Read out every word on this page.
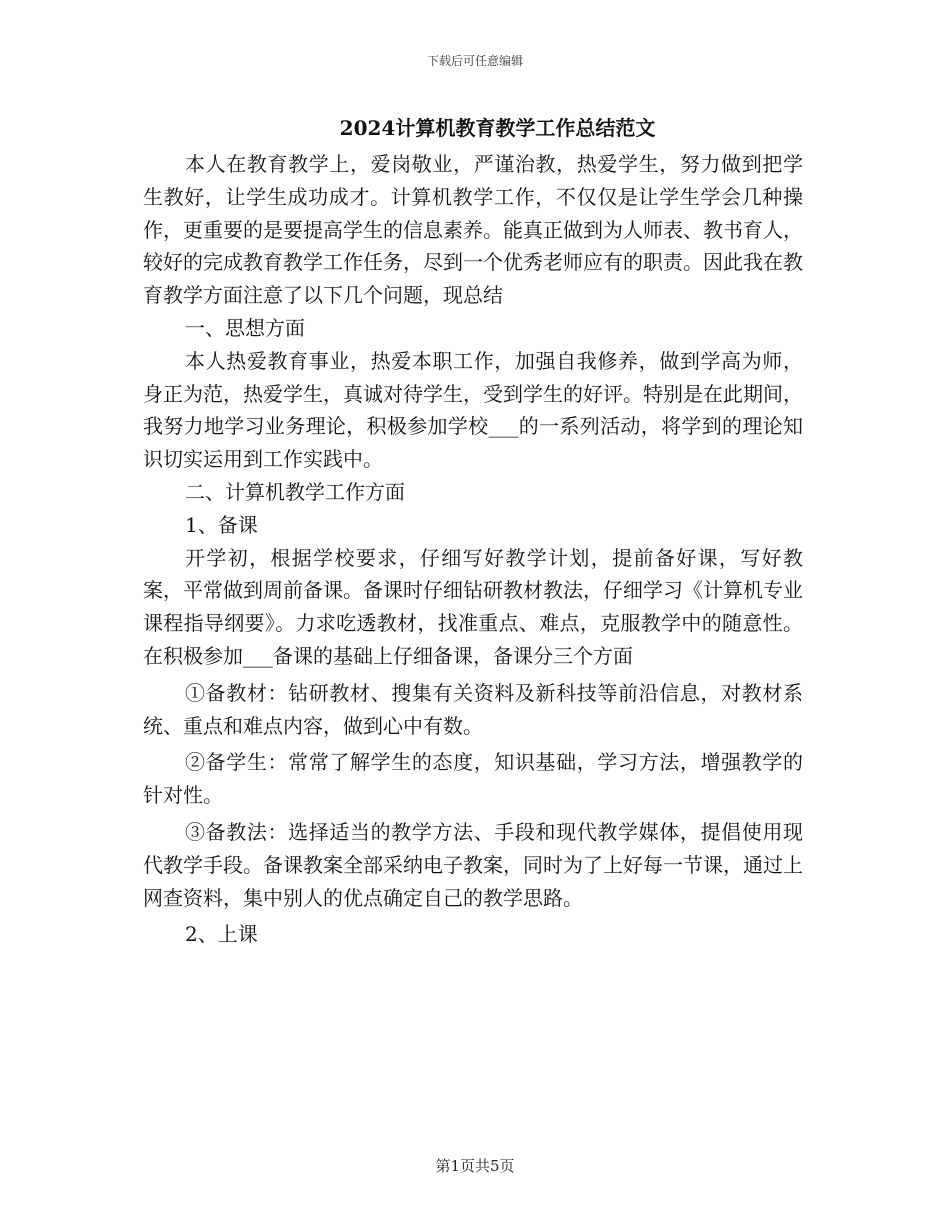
下载后可任意编辑
2024计算机教育教学工作总结范文

本人在教育教学上，爱岗敬业，严谨治教，热爱学生，努力做到把学生教好，让学生成功成才。计算机教学工作，不仅仅是让学生学会几种操作，更重要的是要提高学生的信息素养。能真正做到为人师表、教书育人，较好的完成教育教学工作任务，尽到一个优秀老师应有的职责。因此我在教育教学方面注意了以下几个问题，现总结

一、思想方面

本人热爱教育事业，热爱本职工作，加强自我修养，做到学高为师，身正为范，热爱学生，真诚对待学生，受到学生的好评。特别是在此期间，我努力地学习业务理论，积极参加学校___的一系列活动，将学到的理论知识切实运用到工作实践中。

二、计算机教学工作方面

1、备课

开学初，根据学校要求，仔细写好教学计划，提前备好课，写好教案，平常做到周前备课。备课时仔细钻研教材教法，仔细学习《计算机专业课程指导纲要》。力求吃透教材，找准重点、难点，克服教学中的随意性。在积极参加___备课的基础上仔细备课，备课分三个方面

①备教材：钻研教材、搜集有关资料及新科技等前沿信息，对教材系统、重点和难点内容，做到心中有数。

②备学生：常常了解学生的态度，知识基础，学习方法，增强教学的针对性。

③备教法：选择适当的教学方法、手段和现代教学媒体，提倡使用现代教学手段。备课教案全部采纳电子教案，同时为了上好每一节课，通过上网查资料，集中别人的优点确定自己的教学思路。

2、上课

第1页共5页
